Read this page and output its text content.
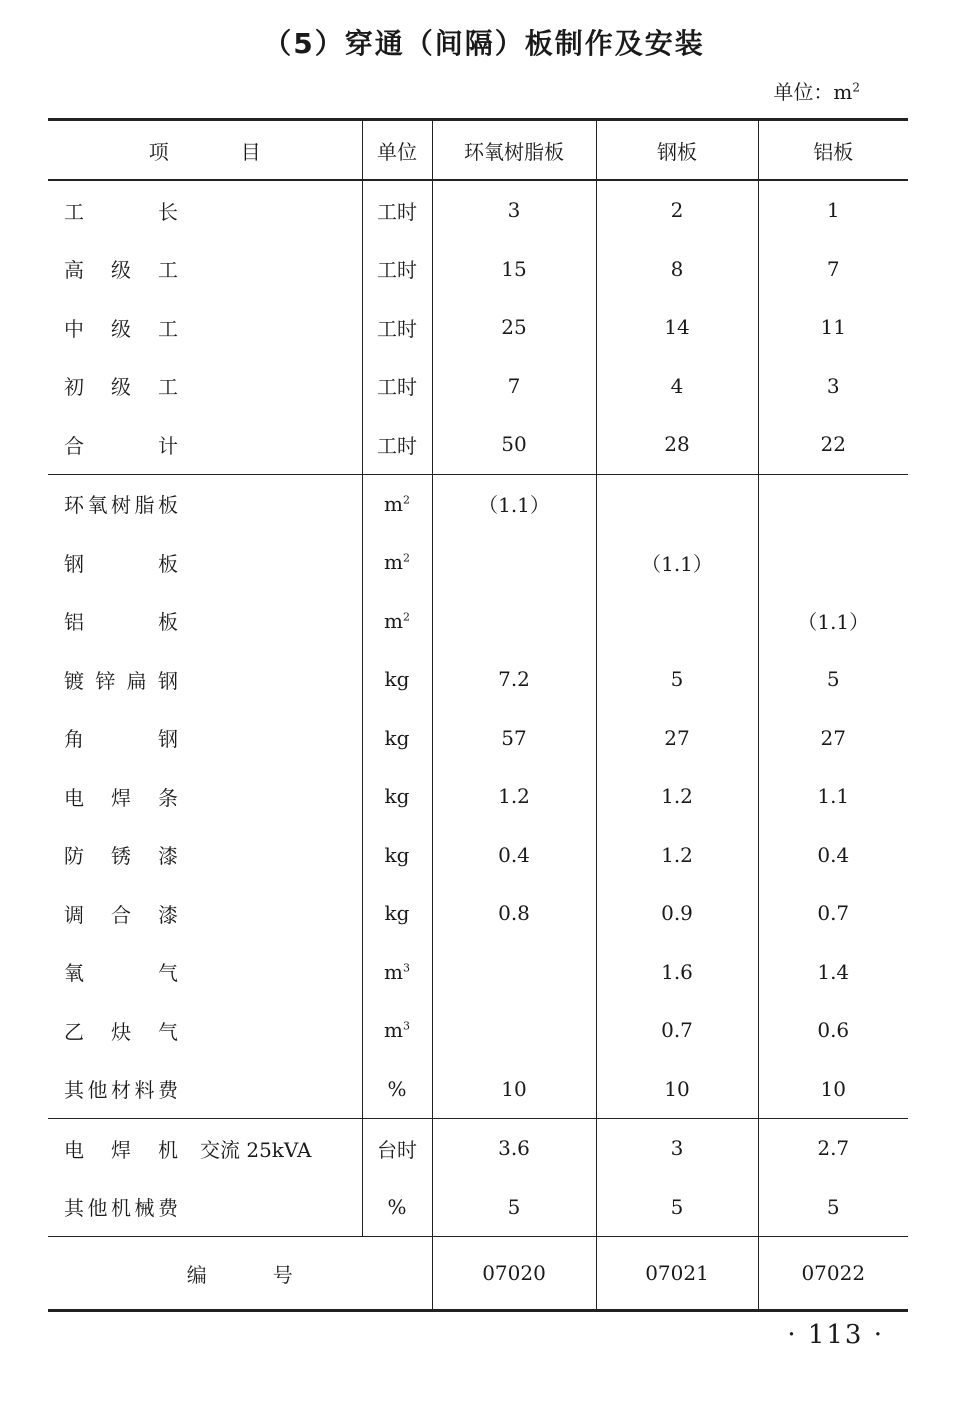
（5）穿通（间隔）板制作及安装
单位：$m^2$
项目	单位	环氧树脂板	钢板	铝板
工长	工时	3	2	1
高级工	工时	15	8	7
中级工	工时	25	14	11
初级工	工时	7	4	3
合计	工时	50	28	22
环氧树脂板	$m^2$	（1.1）		
钢板	$m^2$		（1.1）	
铝板	$m^2$			（1.1）
镀锌扁钢	kg	7.2	5	5
角钢	kg	57	27	27
电焊条	kg	1.2	1.2	1.1
防锈漆	kg	0.4	1.2	0.4
调合漆	kg	0.8	0.9	0.7
氧气	$m^3$		1.6	1.4
乙炔气	$m^3$		0.7	0.6
其他材料费	%	10	10	10
电焊机 交流 25kVA	台时	3.6	3	2.7
其他机械费	%	5	5	5
编号		07020	07021	07022
· 113 ·
